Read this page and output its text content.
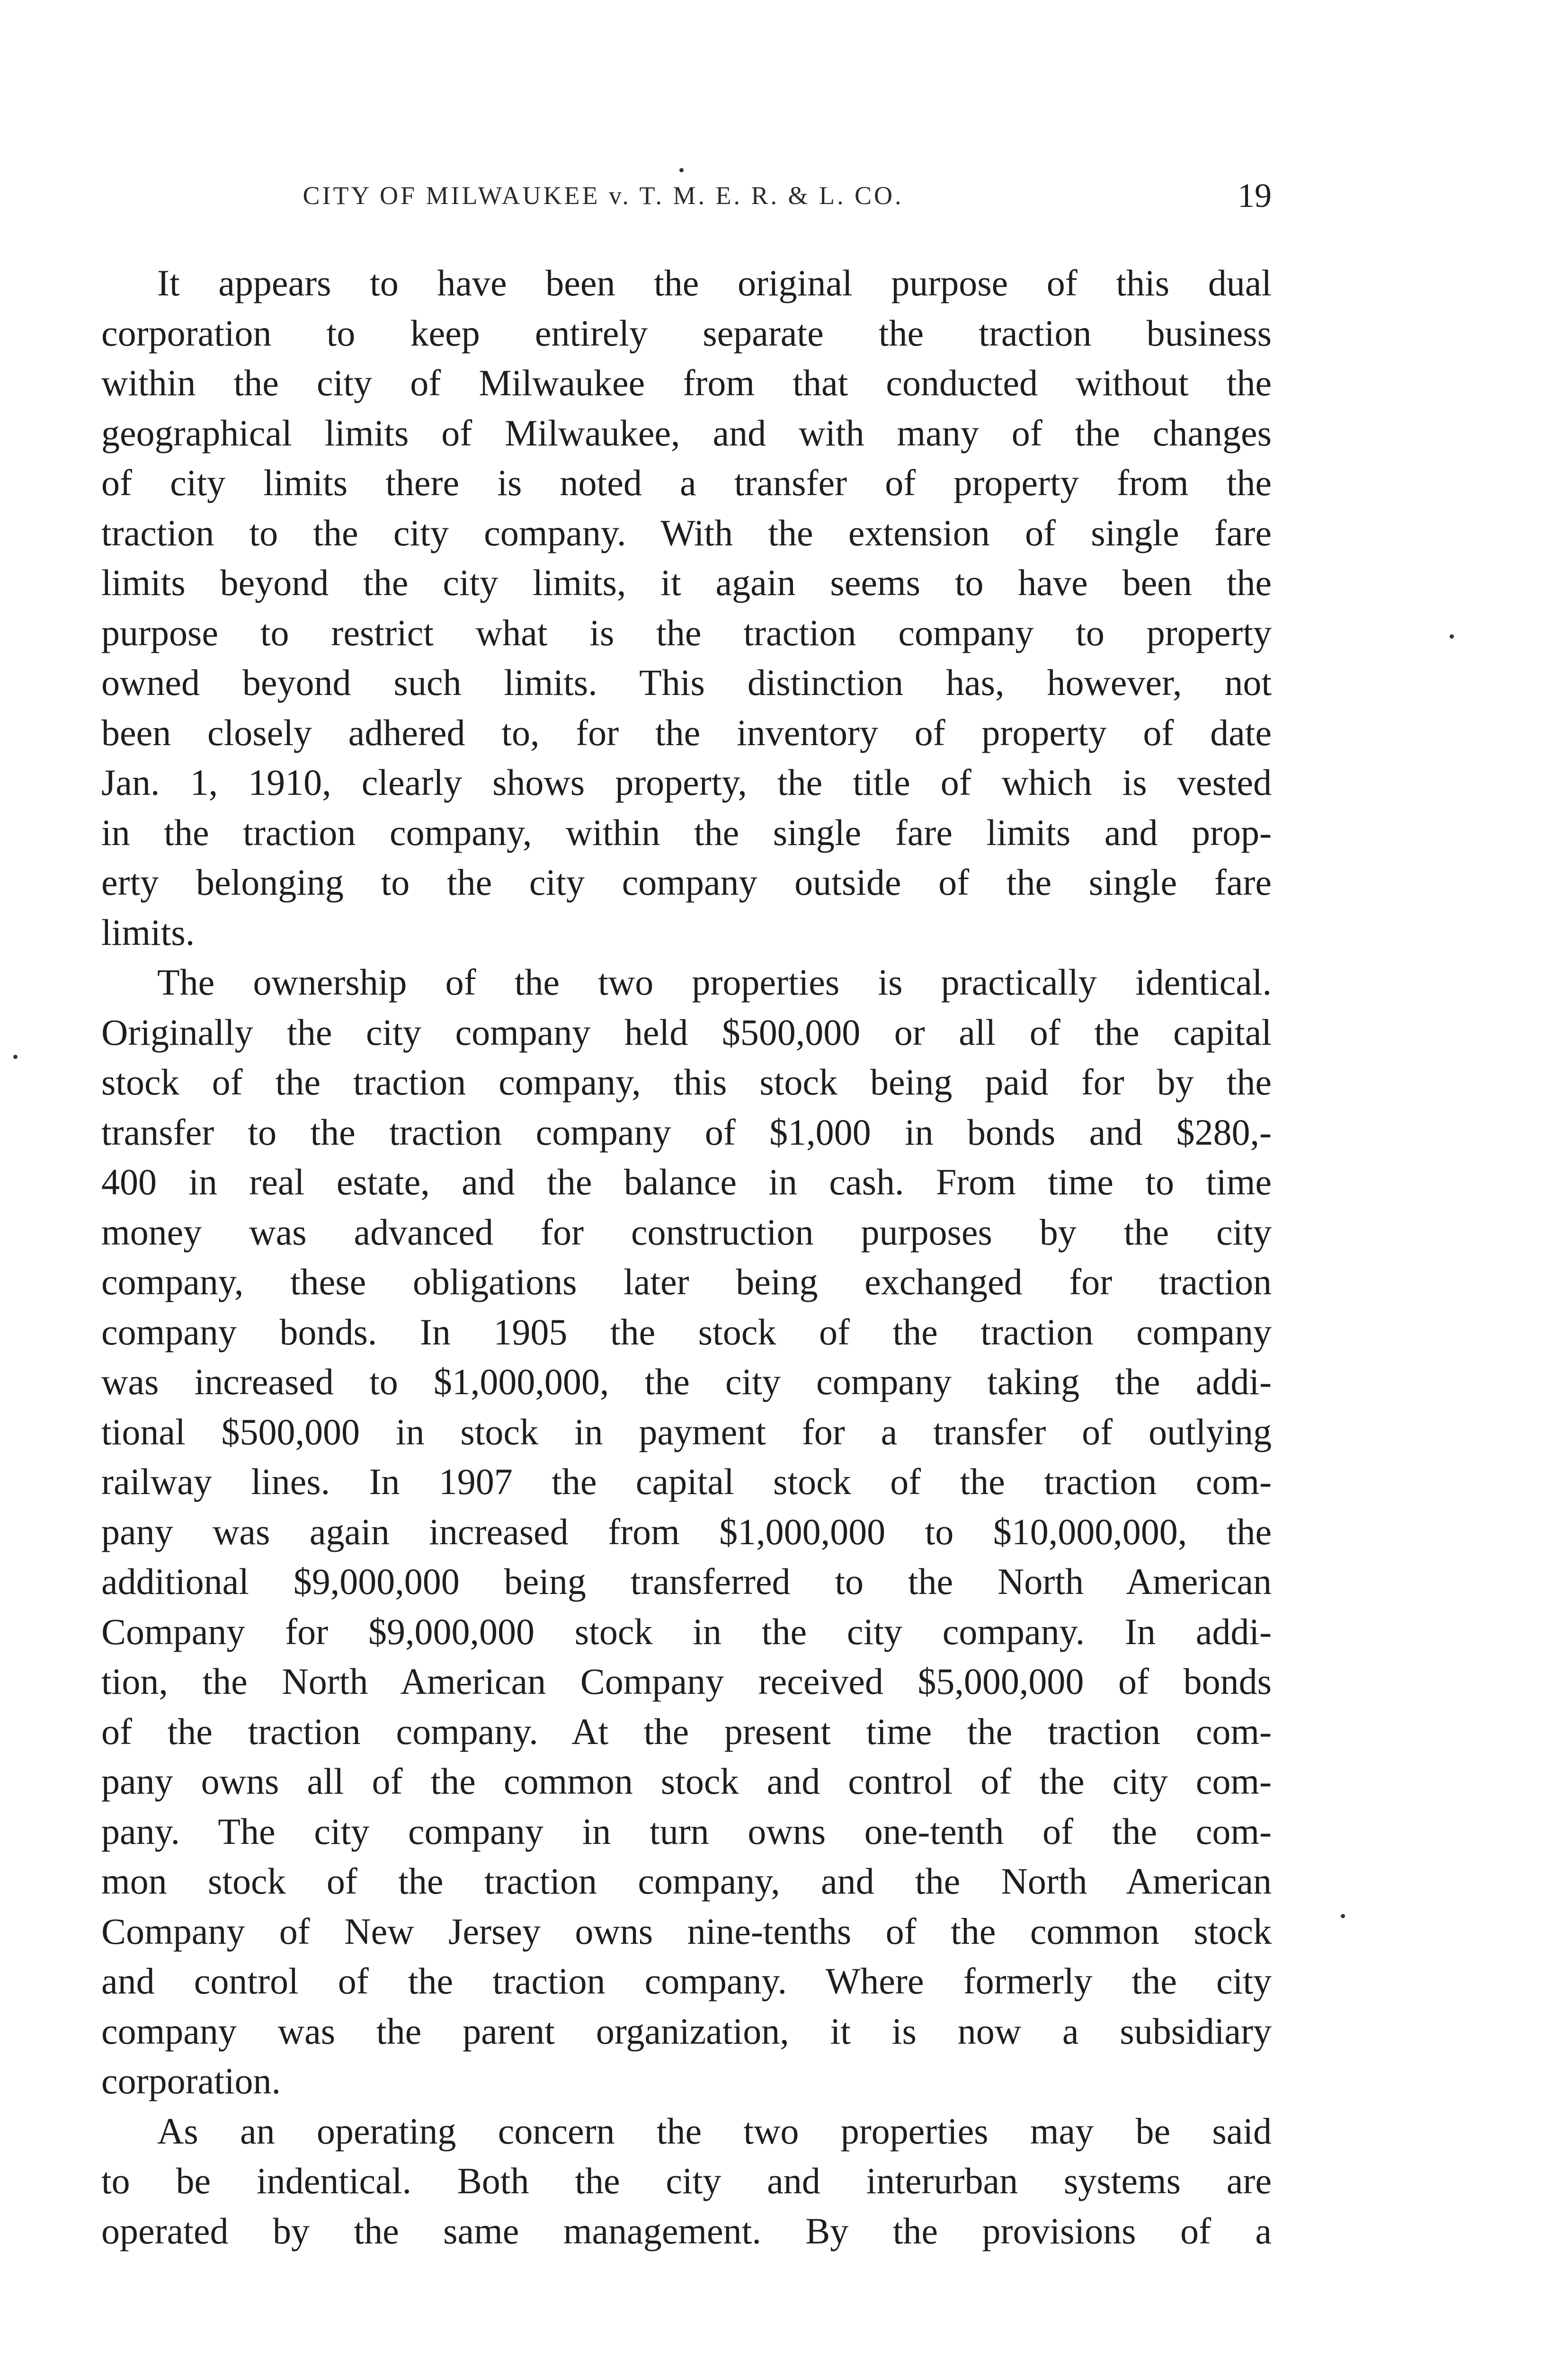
CITY OF MILWAUKEE v. T. M. E. R. & L. CO.	19
It appears to have been the original purpose of this dual
corporation to keep entirely separate the traction business
within the city of Milwaukee from that conducted without the
geographical limits of Milwaukee, and with many of the changes
of city limits there is noted a transfer of property from the
traction to the city company. With the extension of single fare
limits beyond the city limits, it again seems to have been the
purpose to restrict what is the traction company to property
owned beyond such limits. This distinction has, however, not
been closely adhered to, for the inventory of property of date
Jan. 1, 1910, clearly shows property, the title of which is vested
in the traction company, within the single fare limits and prop-
erty belonging to the city company outside of the single fare
limits.
The ownership of the two properties is practically identical.
Originally the city company held $500,000 or all of the capital
stock of the traction company, this stock being paid for by the
transfer to the traction company of $1,000 in bonds and $280,-
400 in real estate, and the balance in cash. From time to time
money was advanced for construction purposes by the city
company, these obligations later being exchanged for traction
company bonds. In 1905 the stock of the traction company
was increased to $1,000,000, the city company taking the addi-
tional $500,000 in stock in payment for a transfer of outlying
railway lines. In 1907 the capital stock of the traction com-
pany was again increased from $1,000,000 to $10,000,000, the
additional $9,000,000 being transferred to the North American
Company for $9,000,000 stock in the city company. In addi-
tion, the North American Company received $5,000,000 of bonds
of the traction company. At the present time the traction com-
pany owns all of the common stock and control of the city com-
pany. The city company in turn owns one-tenth of the com-
mon stock of the traction company, and the North American
Company of New Jersey owns nine-tenths of the common stock
and control of the traction company. Where formerly the city
company was the parent organization, it is now a subsidiary
corporation.
As an operating concern the two properties may be said
to be indentical. Both the city and interurban systems are
operated by the same management. By the provisions of a
